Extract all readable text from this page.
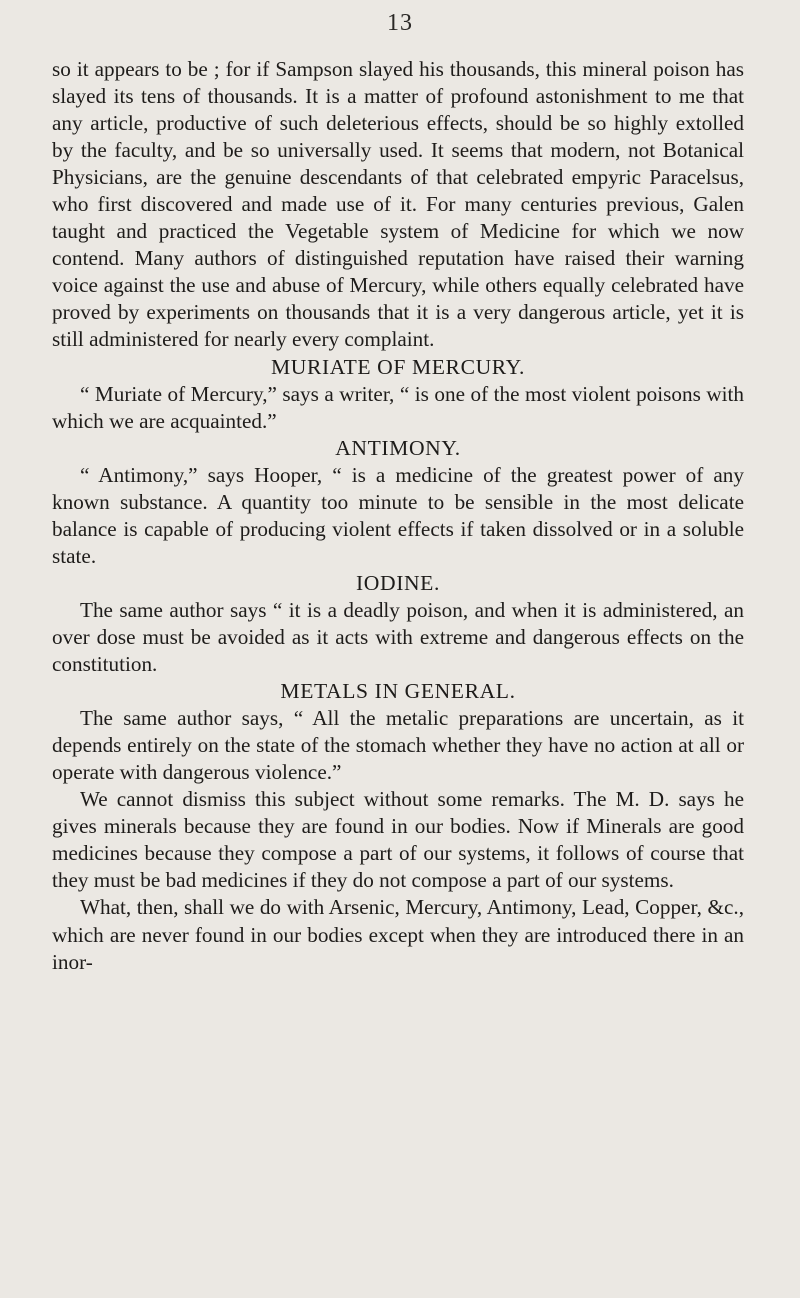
13

so it appears to be ; for if Sampson slayed his thousands, this mineral poison has slayed its tens of thousands. It is a matter of profound astonishment to me that any article, productive of such deleterious effects, should be so highly extolled by the faculty, and be so universally used. It seems that modern, not Botanical Physicians, are the genuine descendants of that celebrated empyric Paracelsus, who first discovered and made use of it. For many centuries previous, Galen taught and practiced the Vegetable system of Medicine for which we now contend. Many authors of distinguished reputation have raised their warning voice against the use and abuse of Mercury, while others equally celebrated have proved by experiments on thousands that it is a very dangerous article, yet it is still administered for nearly every complaint.

MURIATE OF MERCURY.

“ Muriate of Mercury,” says a writer, “ is one of the most violent poisons with which we are acquainted.”

ANTIMONY.

“ Antimony,” says Hooper, “ is a medicine of the greatest power of any known substance. A quantity too minute to be sensible in the most delicate balance is capable of producing violent effects if taken dissolved or in a soluble state.

IODINE.

The same author says “ it is a deadly poison, and when it is administered, an over dose must be avoided as it acts with extreme and dangerous effects on the constitution.

METALS IN GENERAL.

The same author says, “ All the metalic preparations are uncertain, as it depends entirely on the state of the stomach whether they have no action at all or operate with dangerous violence.”

We cannot dismiss this subject without some remarks. The M. D. says he gives minerals because they are found in our bodies. Now if Minerals are good medicines because they compose a part of our systems, it follows of course that they must be bad medicines if they do not compose a part of our systems.

What, then, shall we do with Arsenic, Mercury, Antimony, Lead, Copper, &c., which are never found in our bodies except when they are introduced there in an inor-
